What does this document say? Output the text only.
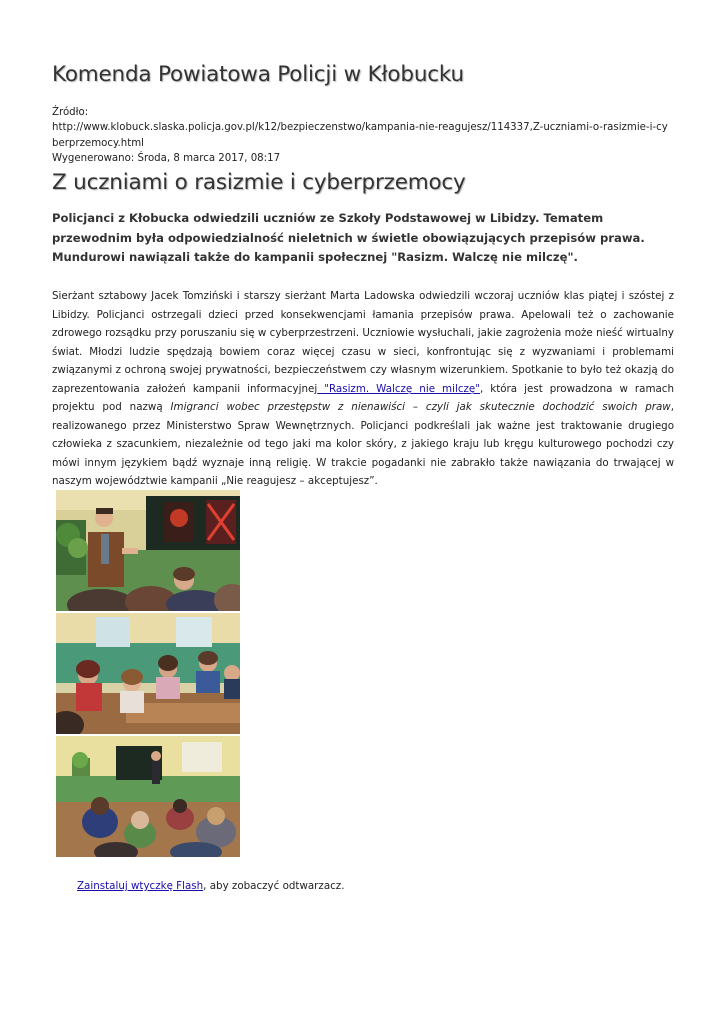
Komenda Powiatowa Policji w Kłobucku
Źródło:
http://www.klobuck.slaska.policja.gov.pl/k12/bezpieczenstwo/kampania-nie-reagujesz/114337,Z-uczniami-o-rasizmie-i-cyberprzemocy.html
Wygenerowano: Środa, 8 marca 2017, 08:17
Z uczniami o rasizmie i cyberprzemocy

Policjanci z Kłobucka odwiedzili uczniów ze Szkoły Podstawowej w Libidzy. Tematem przewodnim była odpowiedzialność nieletnich w świetle obowiązujących przepisów prawa. Mundurowi nawiązali także do kampanii społecznej "Rasizm. Walczę nie milczę".

Sierżant sztabowy Jacek Tomziński i starszy sierżant Marta Ladowska odwiedzili wczoraj uczniów klas piątej i szóstej z Libidzy. Policjanci ostrzegali dzieci przed konsekwencjami łamania przepisów prawa. Apelowali też o zachowanie zdrowego rozsądku przy poruszaniu się w cyberprzestrzeni. Uczniowie wysłuchali, jakie zagrożenia może nieść wirtualny świat. Młodzi ludzie spędzają bowiem coraz więcej czasu w sieci, konfrontując się z wyzwaniami i problemami związanymi z ochroną swojej prywatności, bezpieczeństwem czy własnym wizerunkiem. Spotkanie to było też okazją do zaprezentowania założeń kampanii informacyjnej "Rasizm. Walczę nie milczę", która jest prowadzona w ramach projektu pod nazwą Imigranci wobec przestępstw z nienawiści – czyli jak skutecznie dochodzić swoich praw, realizowanego przez Ministerstwo Spraw Wewnętrznych. Policjanci podkreślali jak ważne jest traktowanie drugiego człowieka z szacunkiem, niezależnie od tego jaki ma kolor skóry, z jakiego kraju lub kręgu kulturowego pochodzi czy mówi innym językiem bądź wyznaje inną religię. W trakcie pogadanki nie zabrakło także nawiązania do trwającej w naszym województwie kampanii „Nie reagujesz – akceptujesz”.

Zainstaluj wtyczkę Flash, aby zobaczyć odtwarzacz.
